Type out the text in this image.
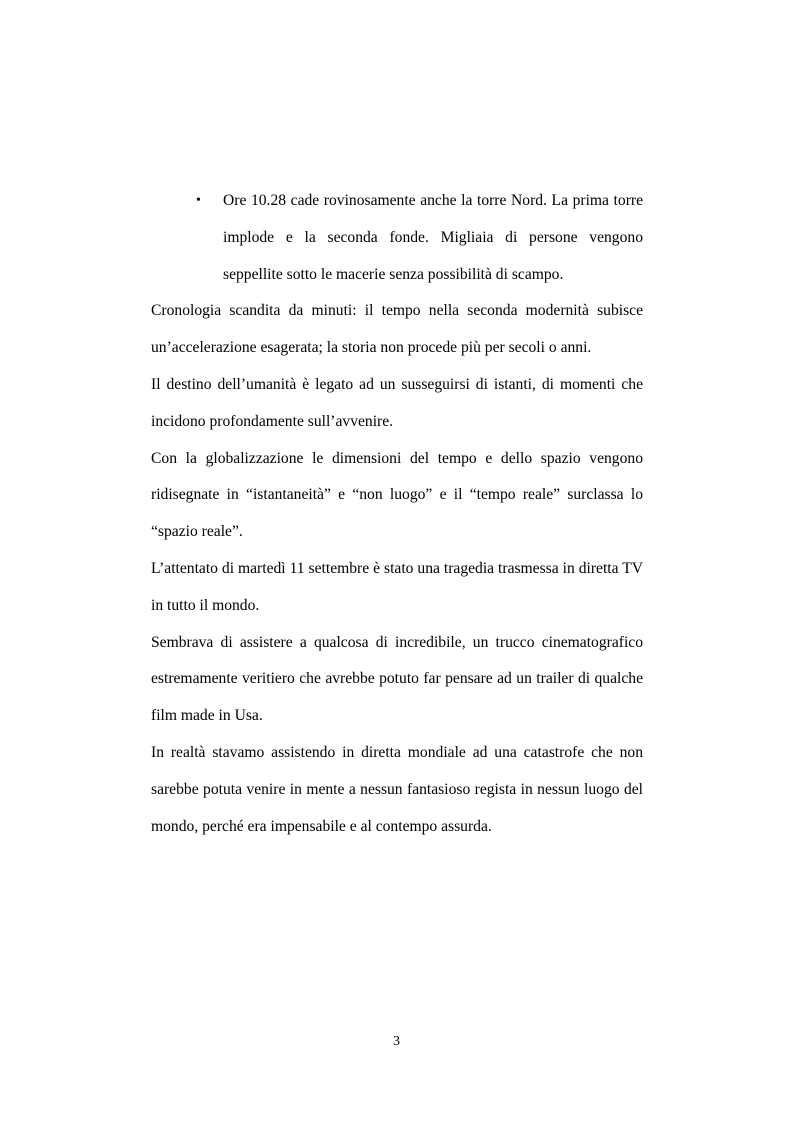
• Ore 10.28 cade rovinosamente anche la torre Nord. La prima torre implode e la seconda fonde. Migliaia di persone vengono seppellite sotto le macerie senza possibilità di scampo.

Cronologia scandita da minuti: il tempo nella seconda modernità subisce un’accelerazione esagerata; la storia non procede più per secoli o anni.

Il destino dell’umanità è legato ad un susseguirsi di istanti, di momenti che incidono profondamente sull’avvenire.

Con la globalizzazione le dimensioni del tempo e dello spazio vengono ridisegnate in “istantaneità” e “non luogo” e il “tempo reale” surclassa lo “spazio reale”.

L’attentato di martedì 11 settembre è stato una tragedia trasmessa in diretta TV in tutto il mondo.

Sembrava di assistere a qualcosa di incredibile, un trucco cinematografico estremamente veritiero che avrebbe potuto far pensare ad un trailer di qualche film made in Usa.

In realtà stavamo assistendo in diretta mondiale ad una catastrofe che non sarebbe potuta venire in mente a nessun fantasioso regista in nessun luogo del mondo, perché era impensabile e al contempo assurda.

3
